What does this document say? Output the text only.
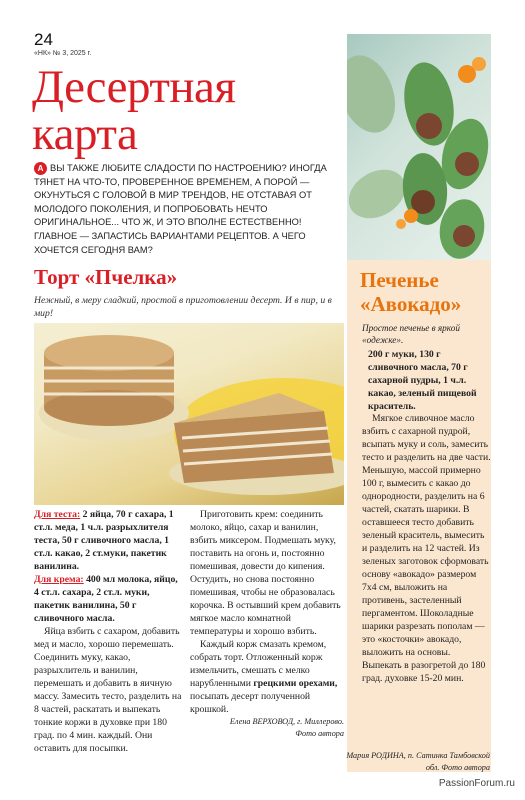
24
«НК» № 3, 2025 г.
Десертная карта
А ВЫ ТАКЖЕ ЛЮБИТЕ СЛАДОСТИ ПО НАСТРОЕНИЮ? ИНОГДА ТЯНЕТ НА ЧТО-ТО, ПРОВЕРЕННОЕ ВРЕМЕНЕМ, А ПОРОЙ — ОКУНУТЬСЯ С ГОЛОВОЙ В МИР ТРЕНДОВ, НЕ ОТСТАВАЯ ОТ МОЛОДОГО ПОКОЛЕНИЯ, И ПОПРОБОВАТЬ НЕЧТО ОРИГИНАЛЬНОЕ... ЧТО Ж, И ЭТО ВПОЛНЕ ЕСТЕСТВЕННО! ГЛАВНОЕ — ЗАПАСТИСЬ ВАРИАНТАМИ РЕЦЕПТОВ. А ЧЕГО ХОЧЕТСЯ СЕГОДНЯ ВАМ?
Торт «Пчелка»
Нежный, в меру сладкий, простой в приготовлении десерт. И в пир, и в мир!

Для теста: 2 яйца, 70 г сахара, 1 ст.л. меда, 1 ч.л. разрыхлителя теста, 50 г сливочного масла, 1 ст.л. какао, 2 ст.муки, пакетик ванилина.

Для крема: 400 мл молока, яйцо, 4 ст.л. сахара, 2 ст.л. муки, пакетик ванилина, 50 г сливочного масла.

Яйца взбить с сахаром, добавить мед и масло, хорошо перемешать. Соединить муку, какао, разрыхлитель и ванилин, перемешать и добавить в яичную массу. Замесить тесто, разделить на 8 частей, раскатать и выпекать тонкие коржи в духовке при 180 град. по 4 мин. каждый. Они оставить для посыпки.

Приготовить крем: соединить молоко, яйцо, сахар и ванилин, взбить миксером. Подмешать муку, поставить на огонь и, постоянно помешивая, довести до кипения. Остудить, но снова постоянно помешивая, чтобы не образовалась корочка. В остывший крем добавить мягкое масло комнатной температуры и хорошо взбить.

Каждый корж смазать кремом, собрать торт. Отложенный корж измельчить, смешать с мелко нарубленными грецкими орехами, посыпать десерт полученной крошкой.

Елена ВЕРХОВОД, г. Миллерово.

Фото автора

Печенье «Авокадо»
Простое печенье в яркой «одежке».
200 г муки, 130 г сливочного масла, 70 г сахарной пудры, 1 ч.л. какао, зеленый пищевой краситель.
Мягкое сливочное масло взбить с сахарной пудрой, всыпать муку и соль, замесить тесто и разделить на две части. Меньшую, массой примерно 100 г, вымесить с какао до однородности, разделить на 6 частей, скатать шарики. В оставшееся тесто добавить зеленый краситель, вымесить и разделить на 12 частей. Из зеленых заготовок сформовать основу «авокадо» размером 7х4 см, выложить на противень, застеленный пергаментом. Шоколадные шарики разрезать пополам — это «косточки» авокадо, выложить на основы. Выпекать в разогретой до 180 град. духовке 15-20 мин.
Мария РОДИНА, п. Сатинка Тамбовской обл. Фото автора
PassionForum.ru
